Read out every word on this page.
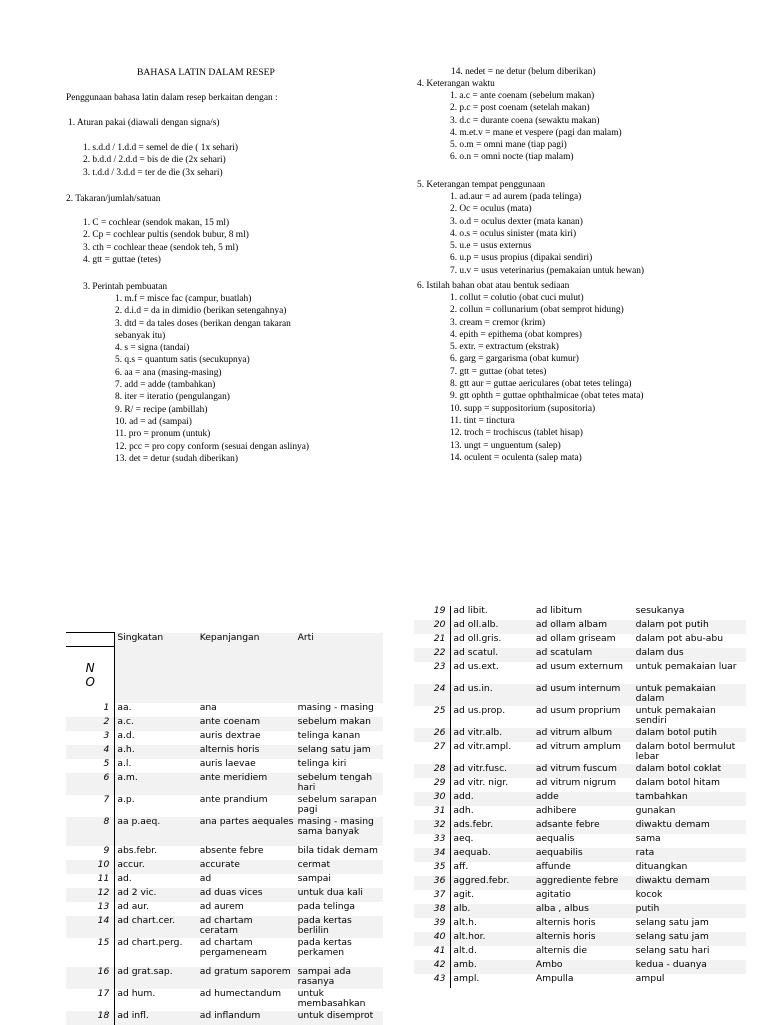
BAHASA LATIN DALAM RESEP
Penggunaan bahasa latin dalam resep berkaitan dengan :
1. Aturan pakai (diawali dengan signa/s)
1. s.d.d / 1.d.d = semel de die ( 1x sehari)
2. b.d.d / 2.d.d = bis de die (2x sehari)
3. t.d.d / 3.d.d = ter de die (3x sehari)
2. Takaran/jumlah/satuan
1. C = cochlear (sendok makan, 15 ml)
2. Cp = cochlear pultis (sendok bubur, 8 ml)
3. cth = cochlear theae (sendok teh, 5 ml)
4. gtt = guttae (tetes)
3. Perintah pembuatan
1. m.f = misce fac (campur, buatlah)
2. d.i.d = da in dimidio (berikan setengahnya)
3. dtd = da tales doses (berikan dengan takaran
sebanyak itu)
4. s = signa (tandai)
5. q.s = quantum satis (secukupnya)
6. aa = ana (masing-masing)
7. add = adde (tambahkan)
8. iter = iteratio (pengulangan)
9. R/ = recipe (ambillah)
10. ad = ad (sampai)
11. pro = pronum (untuk)
12. pcc = pro copy conform (sesuai dengan aslinya)
13. det = detur (sudah diberikan)
14. nedet = ne detur (belum diberikan)
4. Keterangan waktu
1. a.c = ante coenam (sebelum makan)
2. p.c = post coenam (setelah makan)
3. d.c = durante coena (sewaktu makan)
4. m.et.v = mane et vespere (pagi dan malam)
5. o.m = omni mane (tiap pagi)
6. o.n = omni nocte (tiap malam)
5. Keterangan tempat penggunaan
1. ad.aur = ad aurem (pada telinga)
2. Oc = oculus (mata)
3. o.d = oculus dexter (mata kanan)
4. o.s = oculus sinister (mata kiri)
5. u.e = usus externus
6. u.p = usus propius (dipakai sendiri)
7. u.v = usus veterinarius (pemakaian untuk hewan)
6. Istilah bahan obat atau bentuk sediaan
1. collut = colutio (obat cuci mulut)
2. collun = collunarium (obat semprot hidung)
3. cream = cremor (krim)
4. epith = epithema (obat kompres)
5. extr. = extractum (ekstrak)
6. garg = gargarisma (obat kumur)
7. gtt = guttae (obat tetes)
8. gtt aur = guttae aericulares (obat tetes telinga)
9. gtt ophth = guttae ophthalmicae (obat tetes mata)
10. supp = suppositorium (supositoria)
11. tint = tinctura
12. troch = trochiscus (tablet hisap)
13. ungt = unguentum (salep)
14. oculent = oculenta (salep mata)
	Singkatan	Kepanjangan	Arti
N
O			
1	aa.	ana	masing - masing
2	a.c.	ante coenam	sebelum makan
3	a.d.	auris dextrae	telinga kanan
4	a.h.	alternis horis	selang satu jam
5	a.l.	auris laevae	telinga kiri
6	a.m.	ante meridiem	sebelum tengah hari
7	a.p.	ante prandium	sebelum sarapan pagi
8	aa p.aeq.	ana partes aequales	masing - masing sama banyak
9	abs.febr.	absente febre	bila tidak demam
10	accur.	accurate	cermat
11	ad.	ad	sampai
12	ad 2 vic.	ad duas vices	untuk dua kali
13	ad aur.	ad aurem	pada telinga
14	ad chart.cer.	ad chartam ceratam	pada kertas berlilin
15	ad chart.perg.	ad chartam pergameneam	pada kertas perkamen
16	ad grat.sap.	ad gratum saporem	sampai ada rasanya
17	ad hum.	ad humectandum	untuk membasahkan
18	ad infl.	ad inflandum	untuk disemprot
19	ad libit.	ad libitum	sesukanya
20	ad oll.alb.	ad ollam albam	dalam pot putih
21	ad oll.gris.	ad ollam griseam	dalam pot abu-abu
22	ad scatul.	ad scatulam	dalam dus
23	ad us.ext.	ad usum externum	untuk pemakaian luar
24	ad us.in.	ad usum internum	untuk pemakaian dalam
25	ad us.prop.	ad usum proprium	untuk pemakaian sendiri
26	ad vitr.alb.	ad vitrum album	dalam botol putih
27	ad vitr.ampl.	ad vitrum amplum	dalam botol bermulut lebar
28	ad vitr.fusc.	ad vitrum fuscum	dalam botol coklat
29	ad vitr. nigr.	ad vitrum nigrum	dalam botol hitam
30	add.	adde	tambahkan
31	adh.	adhibere	gunakan
32	ads.febr.	adsante febre	diwaktu demam
33	aeq.	aequalis	sama
34	aequab.	aequabilis	rata
35	aff.	affunde	dituangkan
36	aggred.febr.	aggrediente febre	diwaktu demam
37	agit.	agitatio	kocok
38	alb.	alba , albus	putih
39	alt.h.	alternis horis	selang satu jam
40	alt.hor.	alternis horis	selang satu jam
41	alt.d.	alternis die	selang satu hari
42	amb.	Ambo	kedua - duanya
43	ampl.	Ampulla	ampul
